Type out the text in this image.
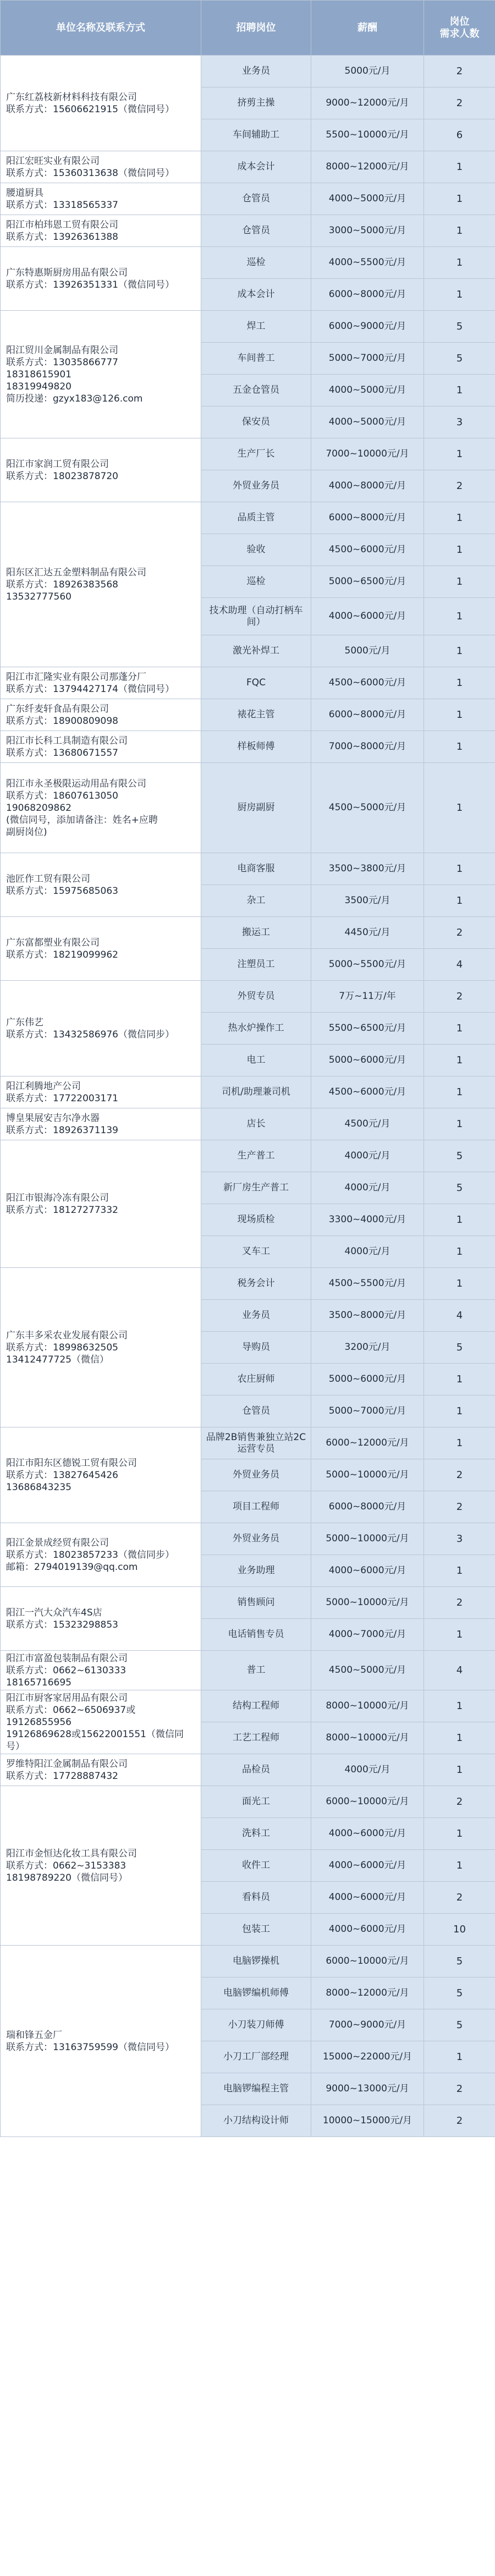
单位名称及联系方式	招聘岗位	薪酬	岗位
需求人数

广东红荔枝新材料科技有限公司
联系方式：15606621915（微信同号）	业务员	5000元/月	2
	挤剪主操	9000~12000元/月	2
	车间辅助工	5500~10000元/月	6

阳江宏旺实业有限公司
联系方式：15360313638（微信同号）	成本会计	8000~12000元/月	1

腰道厨具
联系方式：13318565337	仓管员	4000~5000元/月	1

阳江市柏玮恩工贸有限公司
联系方式：13926361388	仓管员	3000~5000元/月	1

广东特惠斯厨房用品有限公司
联系方式：13926351331（微信同号）	巡检	4000~5500元/月	1
	成本会计	6000~8000元/月	1

阳江贸川金属制品有限公司
联系方式：13035866777
18318615901
18319949820
简历投递：gzyx183@126.com	焊工	6000~9000元/月	5
	车间普工	5000~7000元/月	5
	五金仓管员	4000~5000元/月	1
	保安员	4000~5000元/月	3

阳江市家润工贸有限公司
联系方式：18023878720	生产厂长	7000~10000元/月	1
	外贸业务员	4000~8000元/月	2

阳东区汇达五金塑料制品有限公司
联系方式：18926383568
13532777560	品质主管	6000~8000元/月	1
	验收	4500~6000元/月	1
	巡检	5000~6500元/月	1
	技术助理（自动打柄车间）	4000~6000元/月	1
	激光补焊工	5000元/月	1

阳江市汇隆实业有限公司那蓬分厂
联系方式：13794427174（微信同号）	FQC	4500~6000元/月	1

广东纤麦轩食品有限公司
联系方式：18900809098	裱花主管	6000~8000元/月	1

阳江市长科工具制造有限公司
联系方式：13680671557	样板师傅	7000~8000元/月	1

阳江市永圣极限运动用品有限公司
联系方式：18607613050
19068209862
(微信同号，添加请备注：姓名+应聘
副厨岗位)	厨房副厨	4500~5000元/月	1

池匠作工贸有限公司
联系方式：15975685063	电商客服	3500~3800元/月	1
	杂工	3500元/月	1

广东富都塑业有限公司
联系方式：18219099962	搬运工	4450元/月	2
	注塑员工	5000~5500元/月	4

广东伟艺
联系方式：13432586976（微信同步）	外贸专员	7万~11万/年	2
	热水炉操作工	5500~6500元/月	1
	电工	5000~6000元/月	1

阳江利腾地产公司
联系方式：17722003171	司机/助理兼司机	4500~6000元/月	1

博皇果展安吉尔净水器
联系方式：18926371139	店长	4500元/月	1

阳江市银海冷冻有限公司
联系方式：18127277332	生产普工	4000元/月	5
	新厂房生产普工	4000元/月	5
	现场质检	3300~4000元/月	1
	叉车工	4000元/月	1

广东丰多采农业发展有限公司
联系方式：18998632505
13412477725（微信）	税务会计	4500~5500元/月	1
	业务员	3500~8000元/月	4
	导购员	3200元/月	5
	农庄厨师	5000~6000元/月	1
	仓管员	5000~7000元/月	1

阳江市阳东区德锐工贸有限公司
联系方式：13827645426
13686843235	品牌2B销售兼独立站2C运营专员	6000~12000元/月	1
	外贸业务员	5000~10000元/月	2
	项目工程师	6000~8000元/月	2

阳江金景成经贸有限公司
联系方式：18023857233（微信同步）
邮箱：2794019139@qq.com	外贸业务员	5000~10000元/月	3
	业务助理	4000~6000元/月	1

阳江一汽大众汽车4S店
联系方式：15323298853	销售顾问	5000~10000元/月	2
	电话销售专员	4000~7000元/月	1

阳江市富盈包装制品有限公司
联系方式：0662~6130333
18165716695	普工	4500~5000元/月	4

阳江市厨客家居用品有限公司
联系方式：0662~6506937或
19126855956
19126869628或15622001551（微信同号）	结构工程师	8000~10000元/月	1
	工艺工程师	8000~10000元/月	1

罗维特阳江金属制品有限公司
联系方式：17728887432	品检员	4000元/月	1

阳江市金恒达化妆工具有限公司
联系方式：0662~3153383
18198789220（微信同号）	面光工	6000~10000元/月	2
	洗料工	4000~6000元/月	1
	收件工	4000~6000元/月	1
	看料员	4000~6000元/月	2
	包装工	4000~6000元/月	10

瑞和锋五金厂
联系方式：13163759599（微信同号）	电脑锣操机	6000~10000元/月	5
	电脑锣编机师傅	8000~12000元/月	5
	小刀装刀师傅	7000~9000元/月	5
	小刀工厂部经理	15000~22000元/月	1
	电脑锣编程主管	9000~13000元/月	2
	小刀结构设计师	10000~15000元/月	2
